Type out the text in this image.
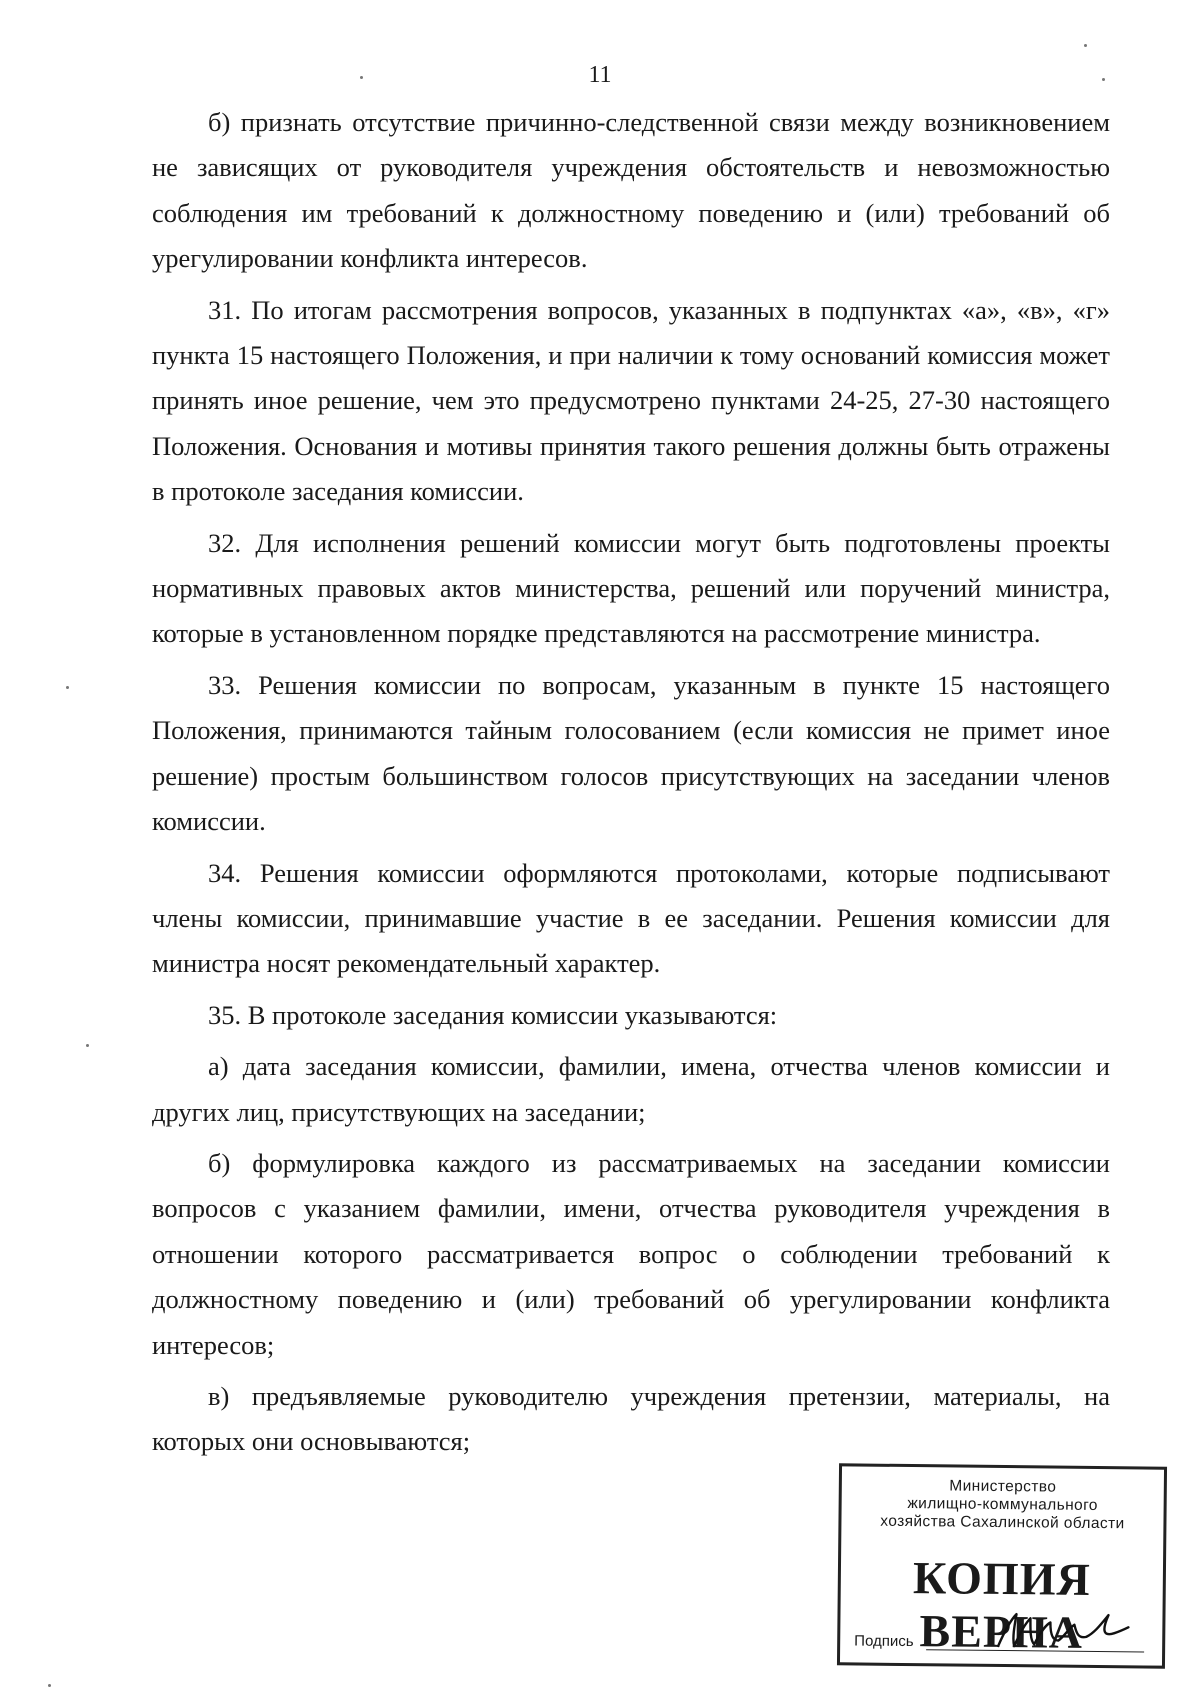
11

б) признать отсутствие причинно-следственной связи между возникновением не зависящих от руководителя учреждения обстоятельств и невозможностью соблюдения им требований к должностному поведению и (или) требований об урегулировании конфликта интересов.

31. По итогам рассмотрения вопросов, указанных в подпунктах «а», «в», «г» пункта 15 настоящего Положения, и при наличии к тому оснований комиссия может принять иное решение, чем это предусмотрено пунктами 24-25, 27-30 настоящего Положения. Основания и мотивы принятия такого решения должны быть отражены в протоколе заседания комиссии.

32. Для исполнения решений комиссии могут быть подготовлены проекты нормативных правовых актов министерства, решений или поручений министра, которые в установленном порядке представляются на рассмотрение министра.

33. Решения комиссии по вопросам, указанным в пункте 15 настоящего Положения, принимаются тайным голосованием (если комиссия не примет иное решение) простым большинством голосов присутствующих на заседании членов комиссии.

34. Решения комиссии оформляются протоколами, которые подписывают члены комиссии, принимавшие участие в ее заседании. Решения комиссии для министра носят рекомендательный характер.

35. В протоколе заседания комиссии указываются:

а) дата заседания комиссии, фамилии, имена, отчества членов комиссии и других лиц, присутствующих на заседании;

б) формулировка каждого из рассматриваемых на заседании комиссии вопросов с указанием фамилии, имени, отчества руководителя учреждения в отношении которого рассматривается вопрос о соблюдении требований к должностному поведению и (или) требований об урегулировании конфликта интересов;

в) предъявляемые руководителю учреждения претензии, материалы, на которых они основываются;

Министерство
жилищно-коммунального
хозяйства Сахалинской области
КОПИЯ ВЕРНА
Подпись
